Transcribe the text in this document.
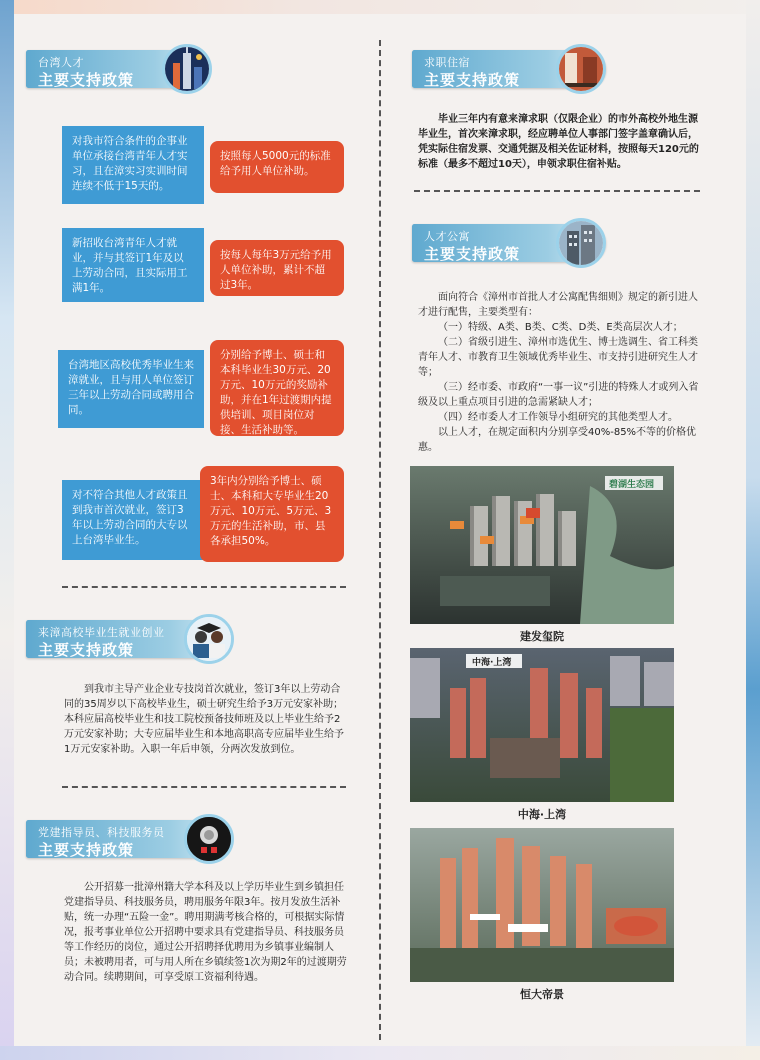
台湾人才
主要支持政策
对我市符合条件的企事业单位承接台湾青年人才实习，且在漳实习实训时间连续不低于15天的。
按照每人5000元的标准给予用人单位补助。
新招收台湾青年人才就业，并与其签订1年及以上劳动合同，且实际用工满1年。
按每人每年3万元给予用人单位补助，累计不超过3年。
台湾地区高校优秀毕业生来漳就业，且与用人单位签订三年以上劳动合同或聘用合同。
分别给予博士、硕士和本科毕业生30万元、20万元、10万元的奖励补助，并在1年过渡期内提供培训、项目岗位对接、生活补助等。
对不符合其他人才政策且到我市首次就业，签订3年以上劳动合同的大专以上台湾毕业生。
3年内分别给予博士、硕士、本科和大专毕业生20万元、10万元、5万元、3万元的生活补助，市、县各承担50%。
来漳高校毕业生就业创业
主要支持政策
到我市主导产业企业专技岗首次就业，签订3年以上劳动合同的35周岁以下高校毕业生，硕士研究生给予3万元安家补助；本科应届高校毕业生和技工院校预备技师班及以上毕业生给予2万元安家补助；大专应届毕业生和本地高职高专应届毕业生给予1万元安家补助。入职一年后申领，分两次发放到位。
党建指导员、科技服务员
主要支持政策
公开招募一批漳州籍大学本科及以上学历毕业生到乡镇担任党建指导员、科技服务员，聘用服务年限3年。按月发放生活补贴，统一办理“五险一金”。聘用期满考核合格的，可根据实际情况，报考事业单位公开招聘中要求具有党建指导员、科技服务员等工作经历的岗位，通过公开招聘择优聘用为乡镇事业编制人员；未被聘用者，可与用人所在乡镇续签1次为期2年的过渡期劳动合同。续聘期间，可享受原工资福利待遇。
求职住宿
主要支持政策
毕业三年内有意来漳求职（仅限企业）的市外高校外地生源毕业生，首次来漳求职，经应聘单位人事部门签字盖章确认后，凭实际住宿发票、交通凭据及相关佐证材料，按照每天120元的标准（最多不超过10天），申领求职住宿补贴。
人才公寓
主要支持政策

面向符合《漳州市首批人才公寓配售细则》规定的新引进人才进行配售，主要类型有：

（一）特级、A类、B类、C类、D类、E类高层次人才；

（二）省级引进生、漳州市选优生、博士选调生、省工科类青年人才、市教育卫生领域优秀毕业生、市支持引进研究生人才等；

（三）经市委、市政府“一事一议”引进的特殊人才或列入省级及以上重点项目引进的急需紧缺人才；

（四）经市委人才工作领导小组研究的其他类型人才。

以上人才，在规定面积内分别享受40%-85%不等的价格优惠。

碧湖生态园
建发玺院
中海·上湾
中海·上湾
恒大帝景
